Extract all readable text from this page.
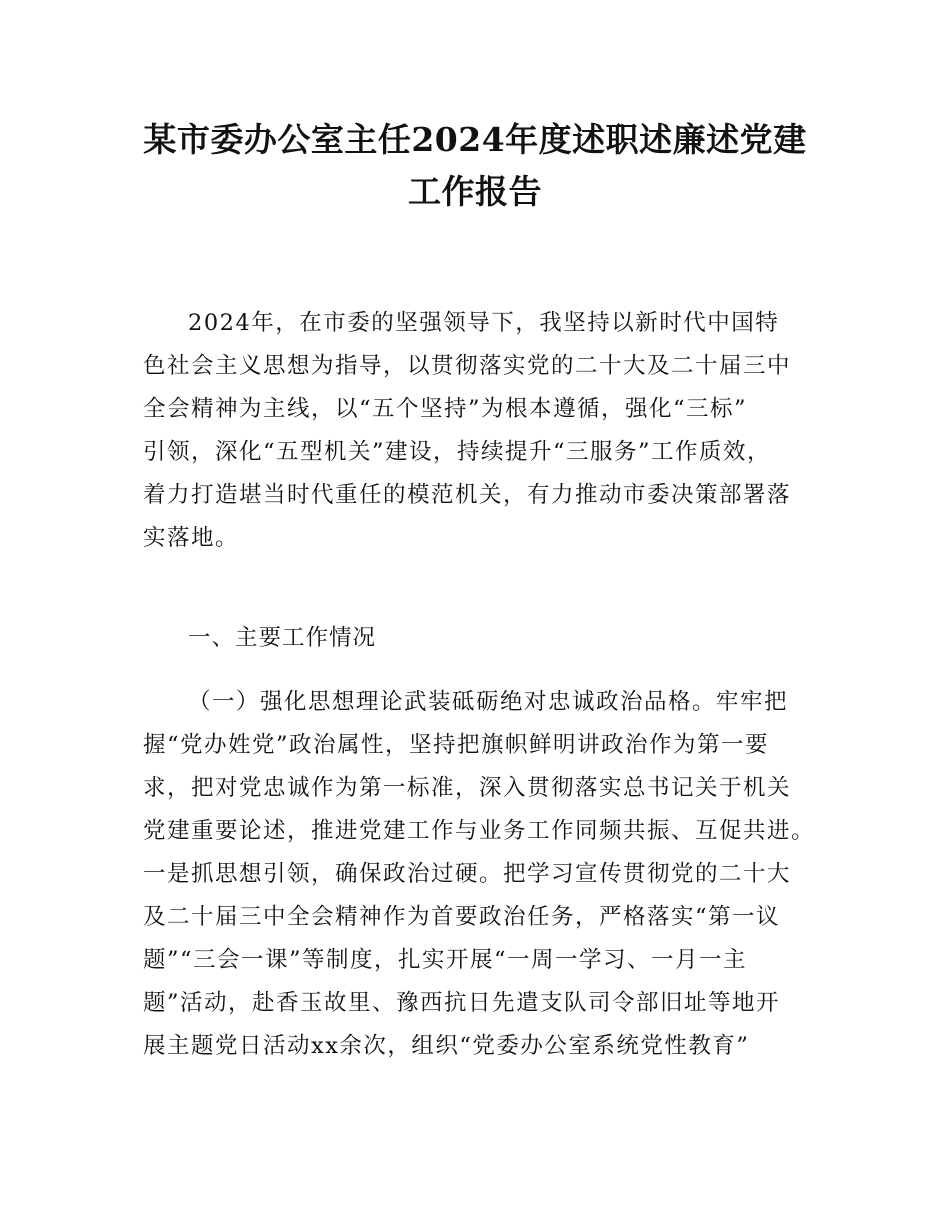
某市委办公室主任2024年度述职述廉述党建
工作报告

2024年，在市委的坚强领导下，我坚持以新时代中国特
色社会主义思想为指导，以贯彻落实党的二十大及二十届三中
全会精神为主线，以“五个坚持”为根本遵循，强化“三标”
引领，深化“五型机关”建设，持续提升“三服务”工作质效，
着力打造堪当时代重任的模范机关，有力推动市委决策部署落
实落地。

一、主要工作情况

（一）强化思想理论武装砥砺绝对忠诚政治品格。牢牢把
握“党办姓党”政治属性，坚持把旗帜鲜明讲政治作为第一要
求，把对党忠诚作为第一标准，深入贯彻落实总书记关于机关
党建重要论述，推进党建工作与业务工作同频共振、互促共进。
一是抓思想引领，确保政治过硬。把学习宣传贯彻党的二十大
及二十届三中全会精神作为首要政治任务，严格落实“第一议
题”“三会一课”等制度，扎实开展“一周一学习、一月一主
题”活动，赴香玉故里、豫西抗日先遣支队司令部旧址等地开
展主题党日活动xx余次，组织“党委办公室系统党性教育”
